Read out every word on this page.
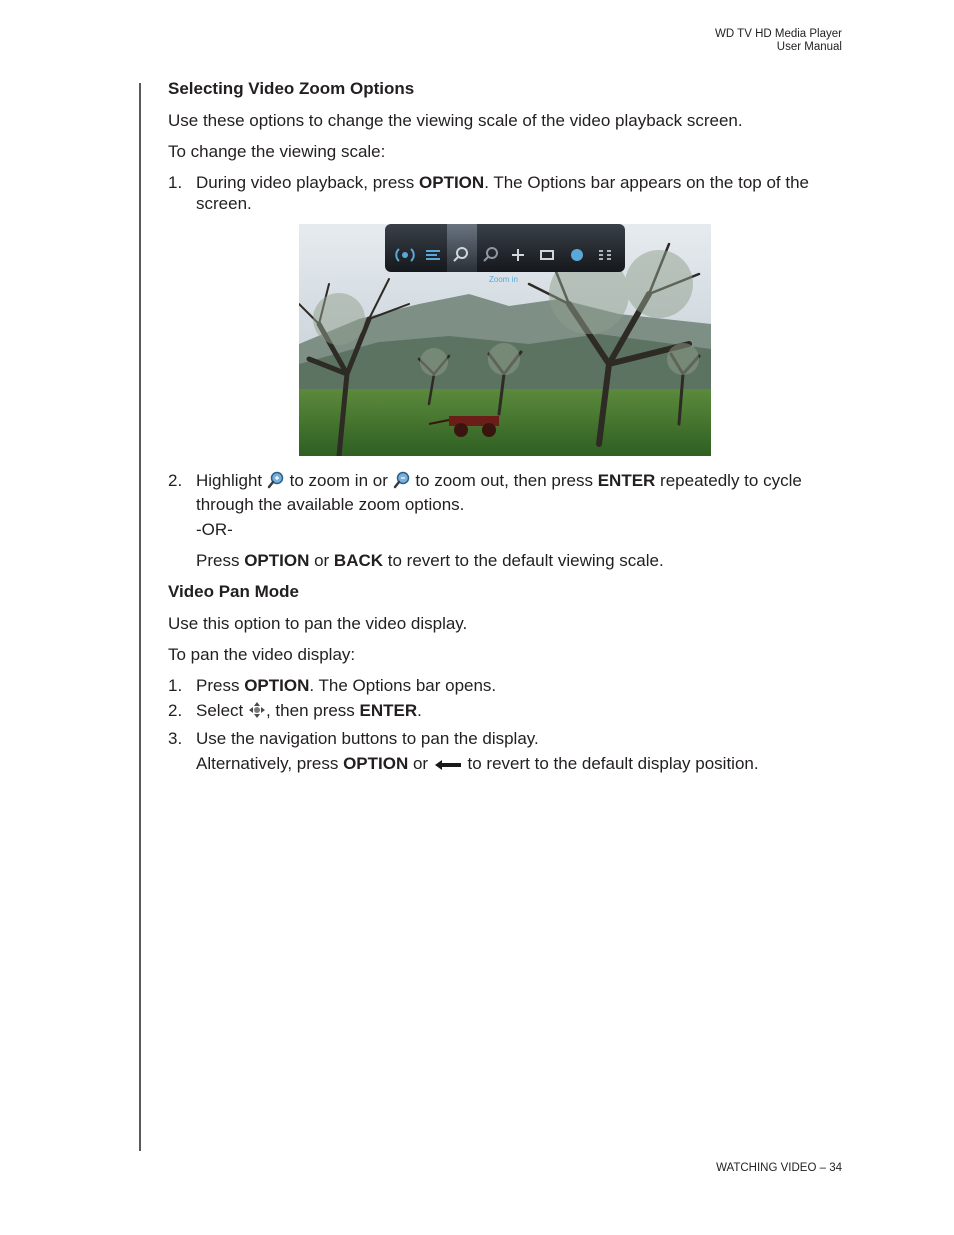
WD TV HD Media Player
User Manual
Selecting Video Zoom Options

Use these options to change the viewing scale of the video playback screen.

To change the viewing scale:

1. During video playback, press OPTION. The Options bar appears on the top of the screen.
Zoom in
2. Highlight  to zoom in or  to zoom out, then press ENTER repeatedly to cycle through the available zoom options.
-OR-
Press OPTION or BACK to revert to the default viewing scale.
Video Pan Mode

Use this option to pan the video display.

To pan the video display:

1. Press OPTION. The Options bar opens.
2. Select , then press ENTER.
3. Use the navigation buttons to pan the display.
Alternatively, press OPTION or  to revert to the default display position.
WATCHING VIDEO – 34
